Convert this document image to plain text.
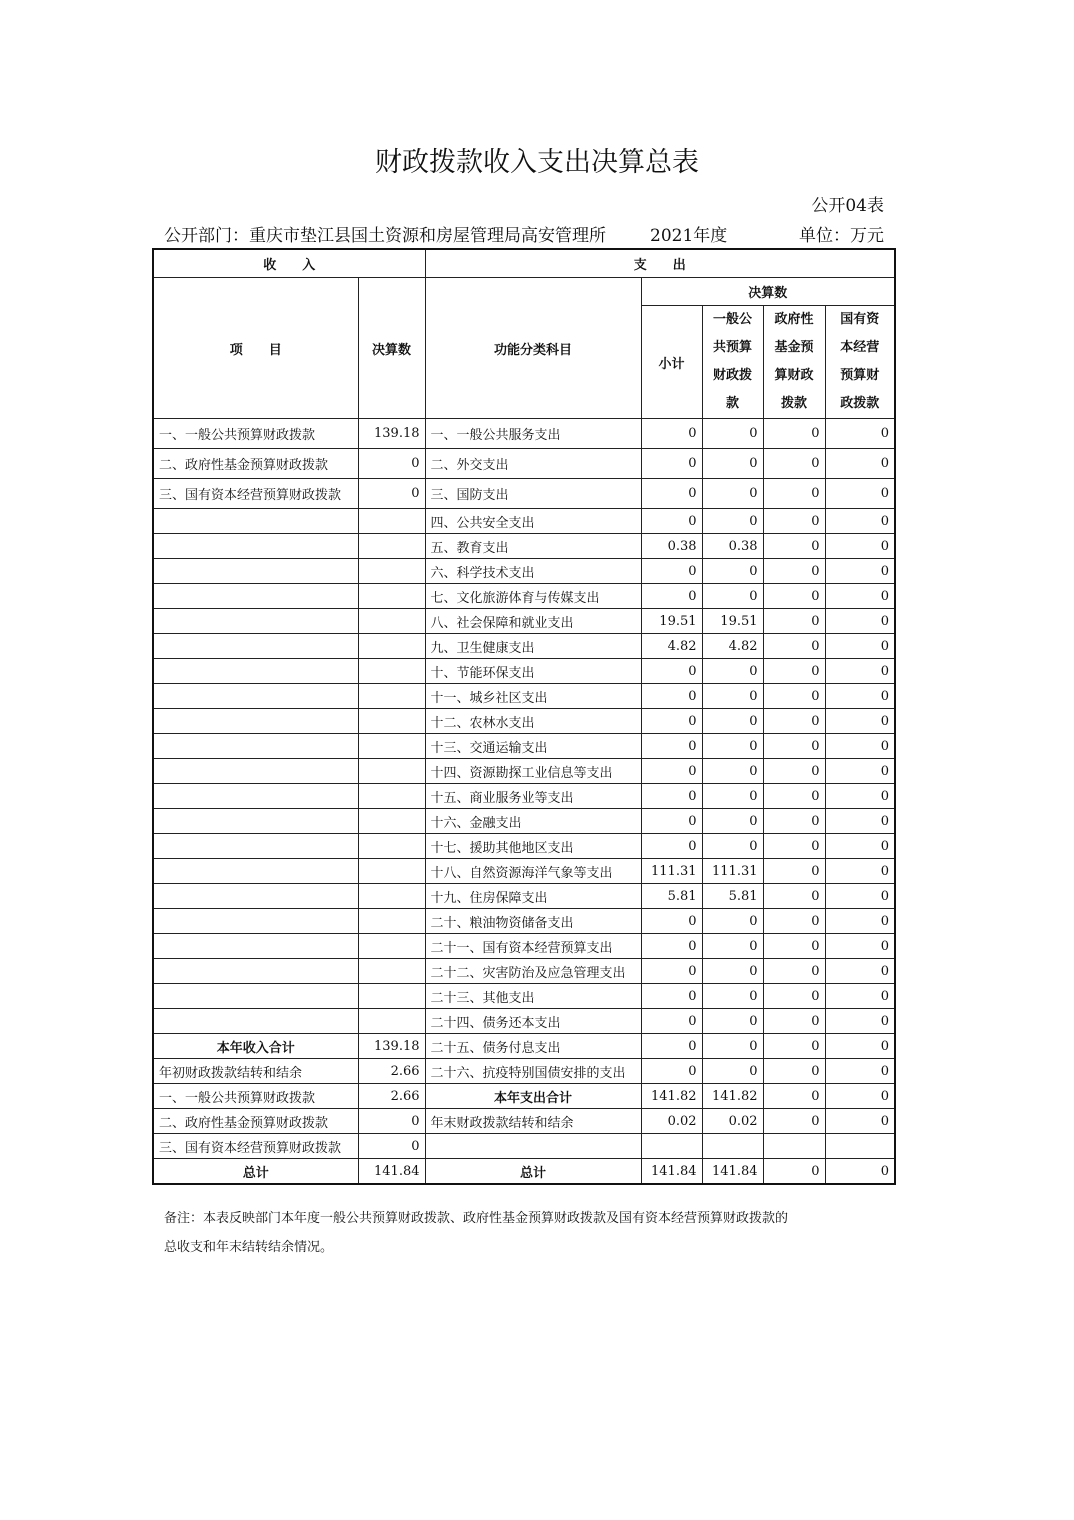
财政拨款收入支出决算总表
公开04表
公开部门：重庆市垫江县国土资源和房屋管理局高安管理所	2021年度	单位：万元
收　　入		支　　出				
项　　目	决算数	功能分类科目	决算数			
			小计	一般公共预算财政拨款	政府性基金预算财政拨款	国有资本经营预算财政拨款
一、一般公共预算财政拨款	139.18	一、一般公共服务支出	0	0	0	0
二、政府性基金预算财政拨款	0	二、外交支出	0	0	0	0
三、国有资本经营预算财政拨款	0	三、国防支出	0	0	0	0
		四、公共安全支出	0	0	0	0
		五、教育支出	0.38	0.38	0	0
		六、科学技术支出	0	0	0	0
		七、文化旅游体育与传媒支出	0	0	0	0
		八、社会保障和就业支出	19.51	19.51	0	0
		九、卫生健康支出	4.82	4.82	0	0
		十、节能环保支出	0	0	0	0
		十一、城乡社区支出	0	0	0	0
		十二、农林水支出	0	0	0	0
		十三、交通运输支出	0	0	0	0
		十四、资源勘探工业信息等支出	0	0	0	0
		十五、商业服务业等支出	0	0	0	0
		十六、金融支出	0	0	0	0
		十七、援助其他地区支出	0	0	0	0
		十八、自然资源海洋气象等支出	111.31	111.31	0	0
		十九、住房保障支出	5.81	5.81	0	0
		二十、粮油物资储备支出	0	0	0	0
		二十一、国有资本经营预算支出	0	0	0	0
		二十二、灾害防治及应急管理支出	0	0	0	0
		二十三、其他支出	0	0	0	0
		二十四、债务还本支出	0	0	0	0
本年收入合计	139.18	二十五、债务付息支出	0	0	0	0
年初财政拨款结转和结余	2.66	二十六、抗疫特别国债安排的支出	0	0	0	0
一、一般公共预算财政拨款	2.66	本年支出合计	141.82	141.82	0	0
二、政府性基金预算财政拨款	0	年末财政拨款结转和结余	0.02	0.02	0	0
三、国有资本经营预算财政拨款	0					
总计	141.84	总计	141.84	141.84	0	0
备注：本表反映部门本年度一般公共预算财政拨款、政府性基金预算财政拨款及国有资本经营预算财政拨款的
总收支和年末结转结余情况。
